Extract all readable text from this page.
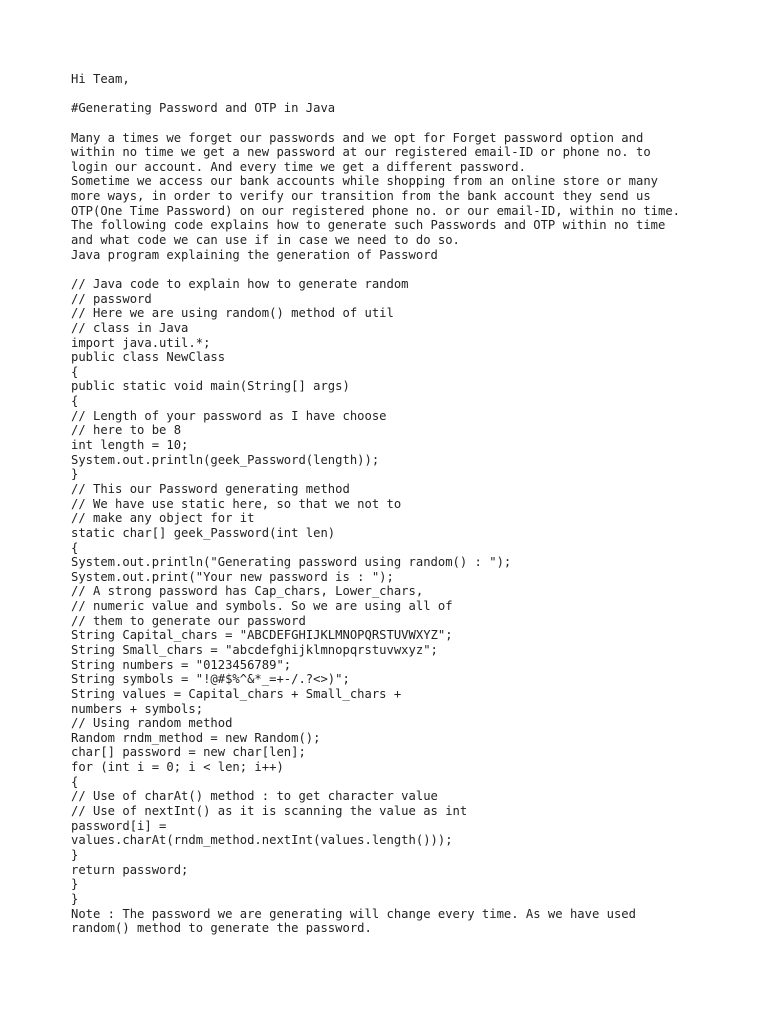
Hi Team,
#Generating Password and OTP in Java
Many a times we forget our passwords and we opt for Forget password option and
within no time we get a new password at our registered email-ID or phone no. to
login our account. And every time we get a different password.
Sometime we access our bank accounts while shopping from an online store or many
more ways, in order to verify our transition from the bank account they send us
OTP(One Time Password) on our registered phone no. or our email-ID, within no time.
The following code explains how to generate such Passwords and OTP within no time
and what code we can use if in case we need to do so.
Java program explaining the generation of Password
// Java code to explain how to generate random
// password
// Here we are using random() method of util
// class in Java
import java.util.*;
public class NewClass
{
public static void main(String[] args)
{
// Length of your password as I have choose
// here to be 8
int length = 10;
System.out.println(geek_Password(length));
}
// This our Password generating method
// We have use static here, so that we not to
// make any object for it
static char[] geek_Password(int len)
{
System.out.println("Generating password using random() : ");
System.out.print("Your new password is : ");
// A strong password has Cap_chars, Lower_chars,
// numeric value and symbols. So we are using all of
// them to generate our password
String Capital_chars = "ABCDEFGHIJKLMNOPQRSTUVWXYZ";
String Small_chars = "abcdefghijklmnopqrstuvwxyz";
String numbers = "0123456789";
String symbols = "!@#$%^&*_=+-/.?<>)";
String values = Capital_chars + Small_chars +
numbers + symbols;
// Using random method
Random rndm_method = new Random();
char[] password = new char[len];
for (int i = 0; i < len; i++)
{
// Use of charAt() method : to get character value
// Use of nextInt() as it is scanning the value as int
password[i] =
values.charAt(rndm_method.nextInt(values.length()));
}
return password;
}
}
Note : The password we are generating will change every time. As we have used
random() method to generate the password.
